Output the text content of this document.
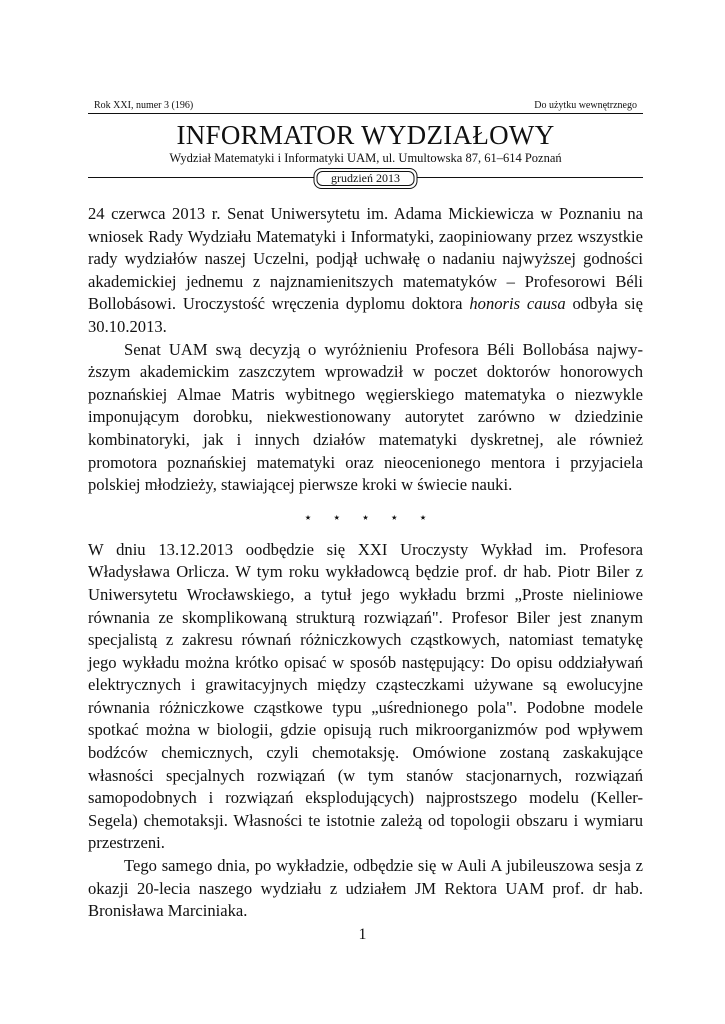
Rok XXI, numer 3 (196)	Do użytku wewnętrznego
INFORMATOR WYDZIAŁOWY
Wydział Matematyki i Informatyki UAM, ul. Umultowska 87, 61–614 Poznań
grudzień 2013

24 czerwca 2013 r. Senat Uniwersytetu im. Adama Mickiewicza w Poznaniu na wniosek Rady Wydziału Matematyki i Informatyki, zaopiniowany przez wszystkie rady wydziałów naszej Uczelni, podjął uchwałę o nadaniu najwyższej godności akademickiej jednemu z najznamienitszych matematyków – Profesorowi Béli Bollobásowi. Uroczystość wręczenia dyplomu doktora honoris causa odbyła się 30.10.2013.

Senat UAM swą decyzją o wyróżnieniu Profesora Béli Bollobása najwyższym akademickim zaszczytem wprowadził w poczet doktorów honorowych poznańskiej Almae Matris wybitnego węgierskiego matematyka o niezwykle imponującym dorobku, niekwestionowany autorytet zarówno w dziedzinie kombinatoryki, jak i innych działów matematyki dyskretnej, ale również promotora poznańskiej matematyki oraz nieocenionego mentora i przyjaciela polskiej młodzieży, stawiającej pierwsze kroki w świecie nauki.

⋆ ⋆ ⋆ ⋆ ⋆

W dniu 13.12.2013 oodbędzie się XXI Uroczysty Wykład im. Profesora Władysława Orlicza. W tym roku wykładowcą będzie prof. dr hab. Piotr Biler z Uniwersytetu Wrocławskiego, a tytuł jego wykładu brzmi „Proste nieliniowe równania ze skomplikowaną strukturą rozwiązań". Profesor Biler jest znanym specjalistą z zakresu równań różniczkowych cząstkowych, natomiast tematykę jego wykładu można krótko opisać w sposób następujący: Do opisu oddziaływań elektrycznych i grawitacyjnych między cząsteczkami używane są ewolucyjne równania różniczkowe cząstkowe typu „uśrednionego pola". Podobne modele spotkać można w biologii, gdzie opisują ruch mikroorganizmów pod wpływem bodźców chemicznych, czyli chemotaksję. Omówione zostaną zaskakujące własności specjalnych rozwiązań (w tym stanów stacjonarnych, rozwiązań samopodobnych i rozwiązań eksplodujących) najprostszego modelu (Keller-Segela) chemotaksji. Własności te istotnie zależą od topologii obszaru i wymiaru przestrzeni.

Tego samego dnia, po wykładzie, odbędzie się w Auli A jubileuszowa sesja z okazji 20-lecia naszego wydziału z udziałem JM Rektora UAM prof. dr hab. Bronisława Marciniaka.

1
